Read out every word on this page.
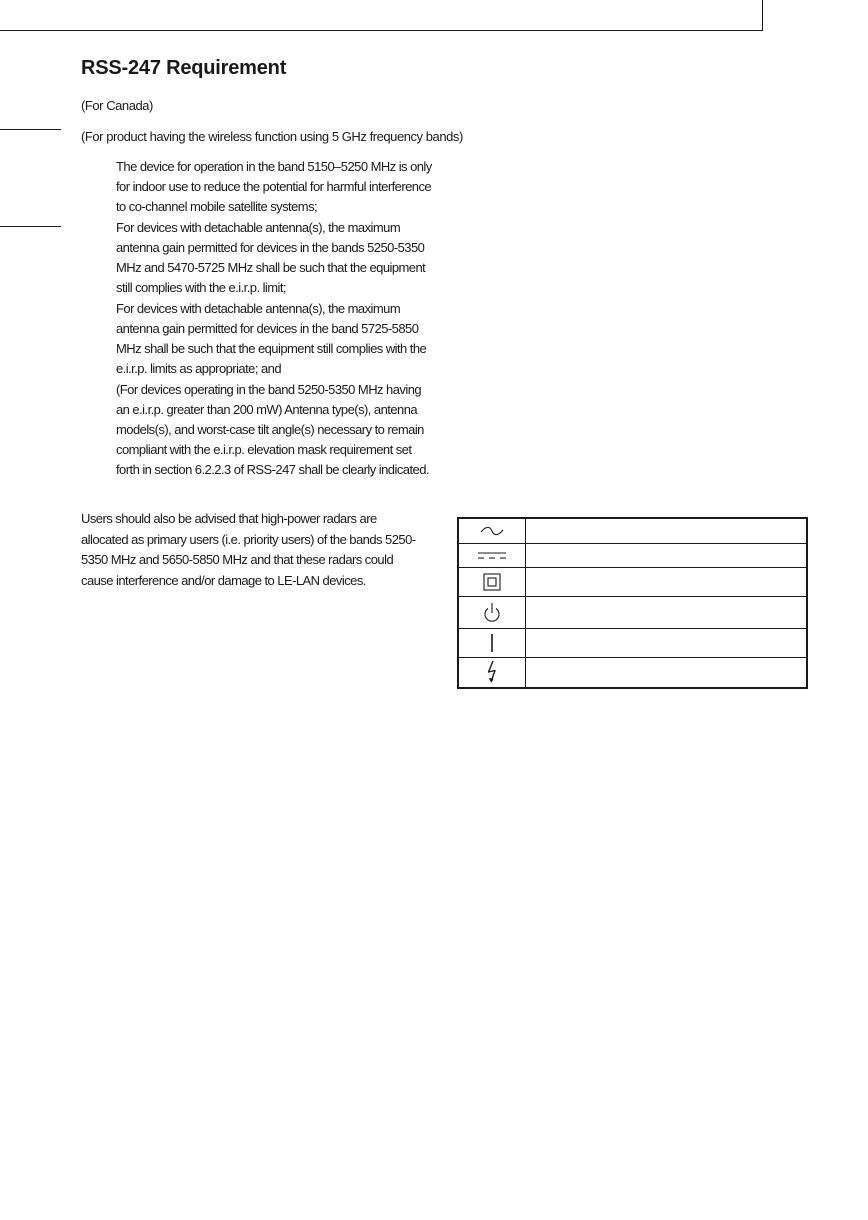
RSS-247 Requirement

(For Canada)

(For product having the wireless function using 5 GHz frequency bands)

The device for operation in the band 5150–5250 MHz is only for indoor use to reduce the potential for harmful interference to co-channel mobile satellite systems;
For devices with detachable antenna(s), the maximum antenna gain permitted for devices in the bands 5250-5350 MHz and 5470-5725 MHz shall be such that the equipment still complies with the e.i.r.p. limit;
For devices with detachable antenna(s), the maximum antenna gain permitted for devices in the band 5725-5850 MHz shall be such that the equipment still complies with the e.i.r.p. limits as appropriate; and
(For devices operating in the band 5250-5350 MHz having an e.i.r.p. greater than 200 mW) Antenna type(s), antenna models(s), and worst-case tilt angle(s) necessary to remain compliant with the e.i.r.p. elevation mask requirement set forth in section 6.2.2.3 of RSS-247 shall be clearly indicated.

Users should also be advised that high-power radars are allocated as primary users (i.e. priority users) of the bands 5250-5350 MHz and 5650-5850 MHz and that these radars could cause interference and/or damage to LE-LAN devices.
